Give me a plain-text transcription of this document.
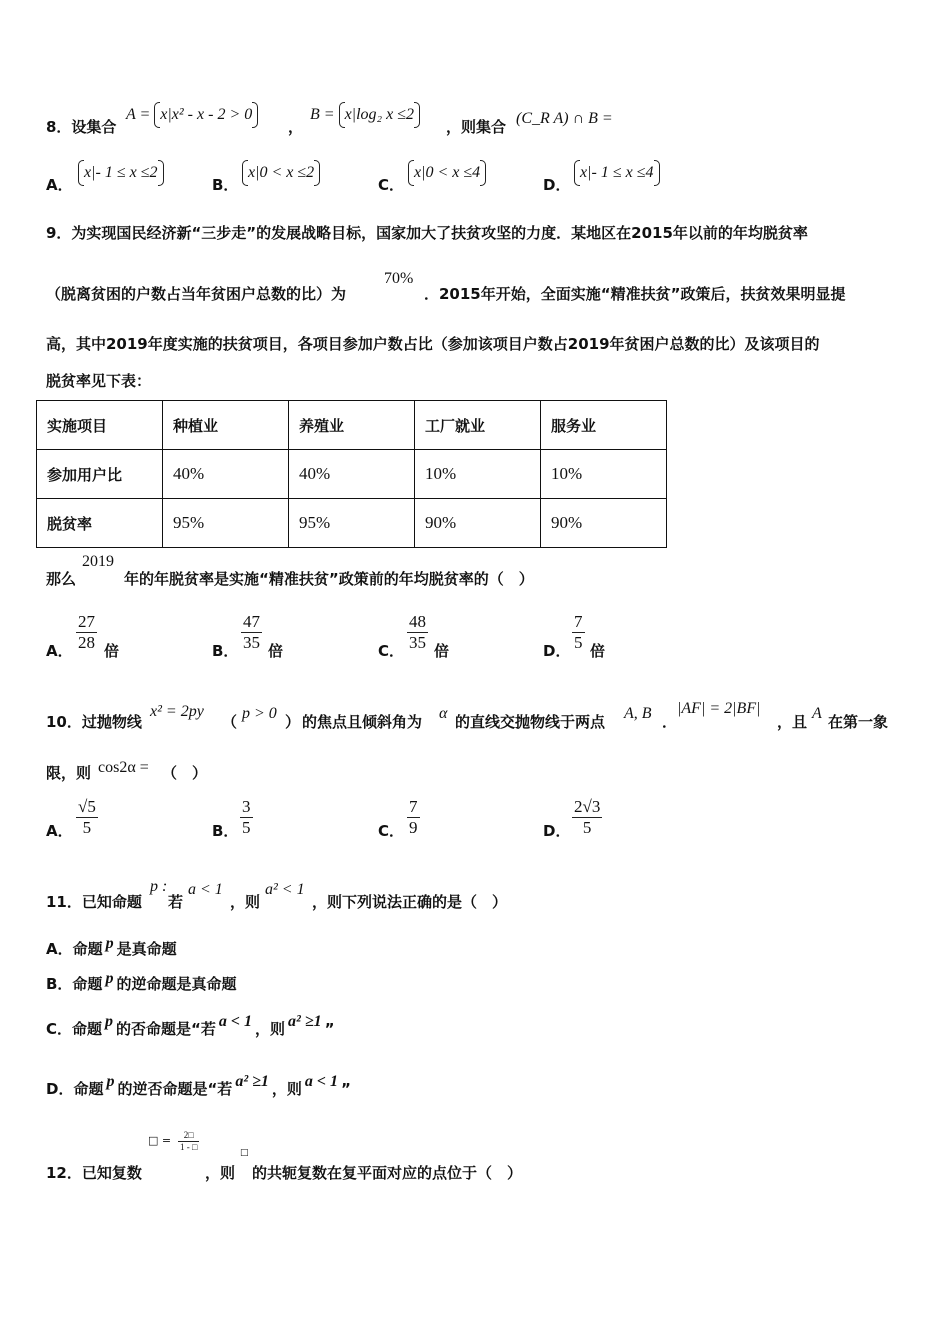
8．设集合
A = x|x² - x - 2 > 0
，
B = x|log₂ x ≤2
，则集合 (C_R A) ∩ B =
A．
x|- 1 ≤ x ≤2
B．
x|0 < x ≤2
C．
x|0 < x ≤4
D．
x|- 1 ≤ x ≤4
9．为实现国民经济新“三步走”的发展战略目标，国家加大了扶贫攻坚的力度．某地区在2015年以前的年均脱贫率
（脱离贫困的户数占当年贫困户总数的比）为
70%
．2015年开始，全面实施“精准扶贫”政策后，扶贫效果明显提
高，其中2019年度实施的扶贫项目，各项目参加户数占比（参加该项目户数占2019年贫困户总数的比）及该项目的
脱贫率见下表：
实施项目	种植业	养殖业	工厂就业	服务业
参加用户比	40%	40%	10%	10%
脱贫率	95%	95%	90%	90%
那么
2019
年的年脱贫率是实施“精准扶贫”政策前的年均脱贫率的（　）
A． $\frac{27}{28}$ 倍	B． $\frac{47}{35}$ 倍	C． $\frac{48}{35}$ 倍	D． $\frac{7}{5}$ 倍
10．过抛物线
x² = 2py
（ p > 0 ） 的焦点且倾斜角为 α 的直线交抛物线于两点 A, B ．
|AF| = 2|BF|
，且 A 在第一象
限，则 cos2α = （　）
A． $\frac{√5}{5}$	B． $\frac{3}{5}$	C． $\frac{7}{9}$	D． $\frac{2√3}{5}$
11．已知命题
p :
若
a < 1
，则
a² < 1
，则下列说法正确的是（　）
A．命题 p 是真命题
B．命题 p 的逆命题是真命题
C．命题 p 的否命题是“若 a < 1 ，则 a² ≥1 ”
D．命题 p 的逆否命题是“若 a² ≥1 ，则 a < 1 ”
12．已知复数
□ = $\frac{2□}{1 - □}$
，则
□
的共轭复数在复平面对应的点位于（　）
